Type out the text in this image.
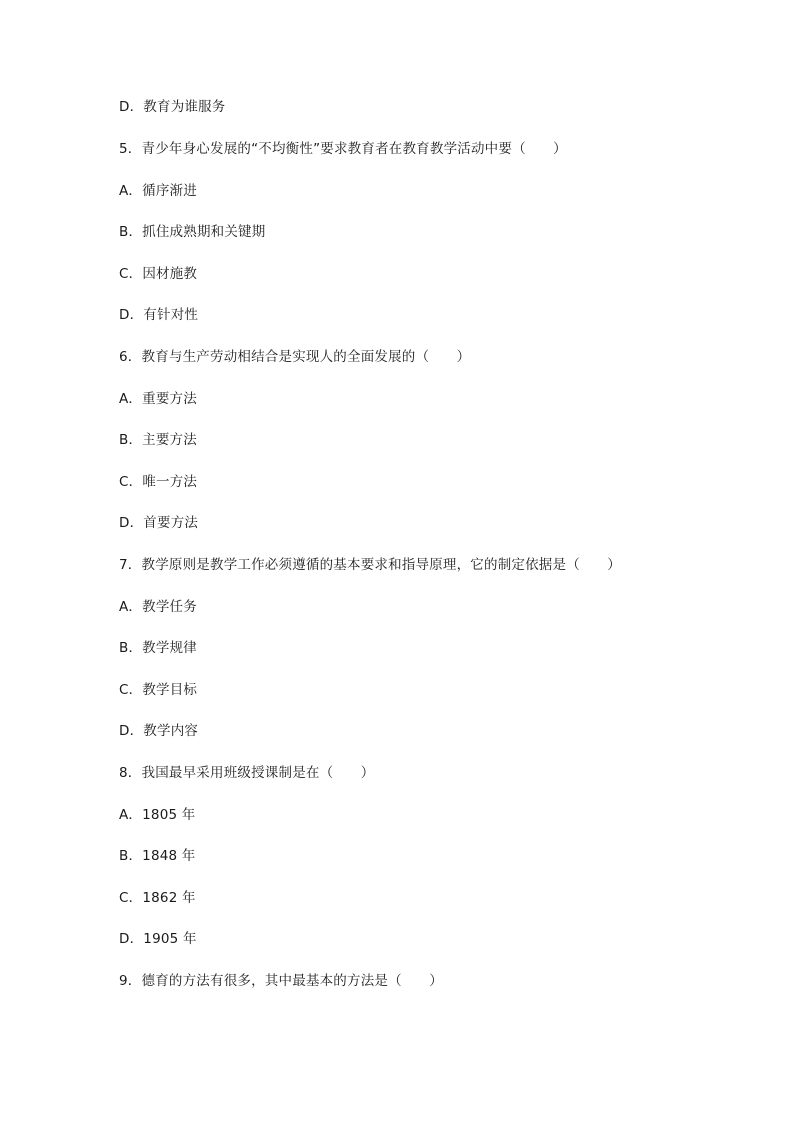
D．教育为谁服务
5．青少年身心发展的“不均衡性”要求教育者在教育教学活动中要（　　）
A．循序渐进
B．抓住成熟期和关键期
C．因材施教
D．有针对性
6．教育与生产劳动相结合是实现人的全面发展的（　　）
A．重要方法
B．主要方法
C．唯一方法
D．首要方法
7．教学原则是教学工作必须遵循的基本要求和指导原理，它的制定依据是（　　）
A．教学任务
B．教学规律
C．教学目标
D．教学内容
8．我国最早采用班级授课制是在（　　）
A．1805 年
B．1848 年
C．1862 年
D．1905 年
9．德育的方法有很多，其中最基本的方法是（　　）
